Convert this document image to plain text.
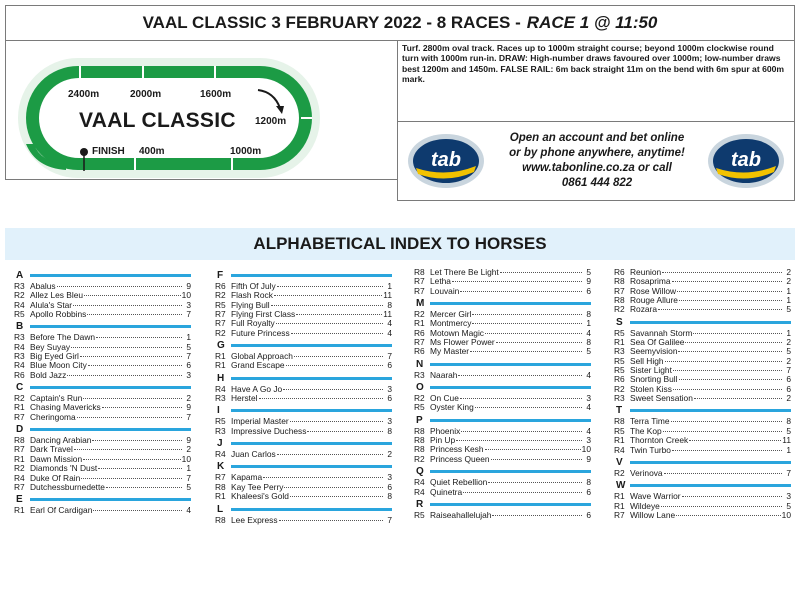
VAAL CLASSIC 3 FEBRUARY 2022 - 8 RACES - RACE 1 @ 11:50
2400m	2000m	1600m
1200m
VAAL CLASSIC
FINISH 400m	1000m
Turf. 2800m oval track. Races up to 1000m straight course; beyond 1000m clockwise round turn with 1000m run-in. DRAW: High-number draws favoured over 1000m; low-number draws best 1200m and 1450m. FALSE RAIL: 6m back straight 11m on the bend with 6m spur at 600m mark.
tab
Open an account and bet online
or by phone anywhere, anytime!
www.tabonline.co.za or call
0861 444 822
tab
ALPHABETICAL INDEX TO HORSES
A
R3 Abalus	9
R2 Allez Les Bleu	10
R4 Alula's Star	3
R5 Apollo Robbins	7
B
R3 Before The Dawn	1
R4 Bey Suyay	5
R3 Big Eyed Girl	7
R4 Blue Moon City	6
R6 Bold Jazz	3
C
R2 Captain's Run	2
R1 Chasing Mavericks	9
R7 Cheringoma	7
D
R8 Dancing Arabian	9
R7 Dark Travel	2
R1 Dawn Mission	10
R2 Diamonds 'N Dust	1
R4 Duke Of Rain	7
R7 Dutchessburnedette	5
E
R1 Earl Of Cardigan	4
F
R6 Fifth Of July	1
R2 Flash Rock	11
R5 Flying Bull	8
R7 Flying First Class	11
R7 Full Royalty	4
R2 Future Princess	4
G
R1 Global Approach	7
R1 Grand Escape	6
H
R4 Have A Go Jo	3
R3 Herstel	6
I
R5 Imperial Master	3
R3 Impressive Duchess	8
J
R4 Juan Carlos	2
K
R7 Kapama	3
R8 Kay Tee Perry	6
R1 Khaleesi's Gold	8
L
R8 Lee Express	7
R8 Let There Be Light	5
R7 Letha	9
R7 Louvain	6
M
R2 Mercer Girl	8
R1 Montmercy	1
R6 Motown Magic	4
R7 Ms Flower Power	8
R6 My Master	5
N
R3 Naarah	4
O
R2 On Cue	3
R5 Oyster King	4
P
R8 Phoenix	4
R8 Pin Up	3
R8 Princess Kesh	10
R2 Princess Queen	9
Q
R4 Quiet Rebellion	8
R4 Quinetra	6
R
R5 Raiseahallelujah	6
R6 Reunion	2
R8 Rosaprima	2
R7 Rose Willow	1
R8 Rouge Allure	1
R2 Rozara	5
S
R5 Savannah Storm	1
R1 Sea Of Galilee	2
R3 Seemyvision	5
R5 Sell High	2
R5 Sister Light	7
R6 Snorting Bull	6
R2 Stolen Kiss	6
R3 Sweet Sensation	2
T
R8 Terra Time	8
R5 The Kop	5
R1 Thornton Creek	11
R4 Twin Turbo	1
V
R2 Verinova	7
W
R1 Wave Warrior	3
R1 Wildeye	5
R7 Willow Lane	10
